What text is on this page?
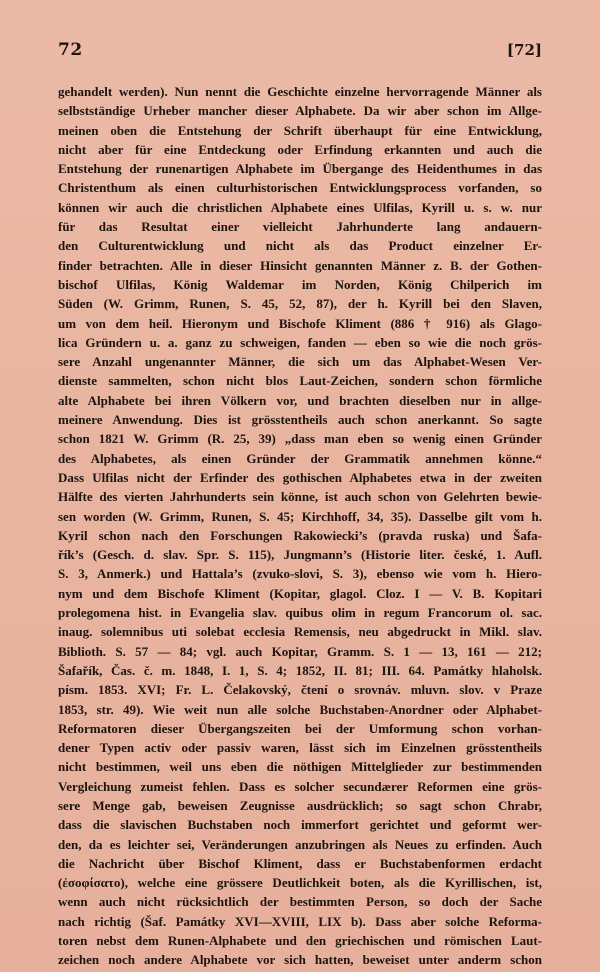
72	[72]
gehandelt werden). Nun nennt die Geschichte einzelne hervorragende Männer als
selbstständige Urheber mancher dieser Alphabete. Da wir aber schon im Allge-
meinen oben die Entstehung der Schrift überhaupt für eine Entwicklung,
nicht aber für eine Entdeckung oder Erfindung erkannten und auch die
Entstehung der runenartigen Alphabete im Übergange des Heidenthumes in das
Christenthum als einen culturhistorischen Entwicklungsprocess vorfanden, so
können wir auch die christlichen Alphabete eines Ulfilas, Kyrill u. s. w. nur
für das Resultat einer vielleicht Jahrhunderte lang andauern-
den Culturentwicklung und nicht als das Product einzelner Er-
finder betrachten. Alle in dieser Hinsicht genannten Männer z. B. der Gothen-
bischof Ulfilas, König Waldemar im Norden, König Chilperich im
Süden (W. Grimm, Runen, S. 45, 52, 87), der h. Kyrill bei den Slaven,
um von dem heil. Hieronym und Bischofe Kliment (886 † 916) als Glago-
lica Gründern u. a. ganz zu schweigen, fanden — eben so wie die noch grös-
sere Anzahl ungenannter Männer, die sich um das Alphabet-Wesen Ver-
dienste sammelten, schon nicht blos Laut-Zeichen, sondern schon förmliche
alte Alphabete bei ihren Völkern vor, und brachten dieselben nur in allge-
meinere Anwendung. Dies ist grösstentheils auch schon anerkannt. So sagte
schon 1821 W. Grimm (R. 25, 39) „dass man eben so wenig einen Gründer
des Alphabetes, als einen Gründer der Grammatik annehmen könne.“
Dass Ulfilas nicht der Erfinder des gothischen Alphabetes etwa in der zweiten
Hälfte des vierten Jahrhunderts sein könne, ist auch schon von Gelehrten bewie-
sen worden (W. Grimm, Runen, S. 45; Kirchhoff, 34, 35). Dasselbe gilt vom h.
Kyril schon nach den Forschungen Rakowiecki’s (pravda ruska) und Šafa-
řík’s (Gesch. d. slav. Spr. S. 115), Jungmann’s (Historie liter. české, 1. Aufl.
S. 3, Anmerk.) und Hattala’s (zvuko-slovi, S. 3), ebenso wie vom h. Hiero-
nym und dem Bischofe Kliment (Kopitar, glagol. Cloz. I — V. B. Kopitari
prolegomena hist. in Evangelia slav. quibus olim in regum Francorum ol. sac.
inaug. solemnibus uti solebat ecclesia Remensis, neu abgedruckt in Mikl. slav.
Biblioth. S. 57 — 84; vgl. auch Kopitar, Gramm. S. 1 — 13, 161 — 212;
Šafařík, Čas. č. m. 1848, I. 1, S. 4; 1852, II. 81; III. 64. Památky hlaholsk.
písm. 1853. XVI; Fr. L. Čelakovský, čtení o srovnáv. mluvn. slov. v Praze
1853, str. 49). Wie weit nun alle solche Buchstaben-Anordner oder Alphabet-
Reformatoren dieser Übergangszeiten bei der Umformung schon vorhan-
dener Typen activ oder passiv waren, lässt sich im Einzelnen grösstentheils
nicht bestimmen, weil uns eben die nöthigen Mittelglieder zur bestimmenden
Vergleichung zumeist fehlen. Dass es solcher secundærer Reformen eine grös-
sere Menge gab, beweisen Zeugnisse ausdrücklich; so sagt schon Chrabr,
dass die slavischen Buchstaben noch immerfort gerichtet und geformt wer-
den, da es leichter sei, Veränderungen anzubringen als Neues zu erfinden. Auch
die Nachricht über Bischof Kliment, dass er Buchstabenformen erdacht
(ἐσοφίσατο), welche eine grössere Deutlichkeit boten, als die Kyrillischen, ist,
wenn auch nicht rücksichtlich der bestimmten Person, so doch der Sache
nach richtig (Šaf. Památky XVI—XVIII, LIX b). Dass aber solche Reforma-
toren nebst dem Runen-Alphabete und den griechischen und römischen Laut-
zeichen noch andere Alphabete vor sich hatten, beweiset unter anderm schon
